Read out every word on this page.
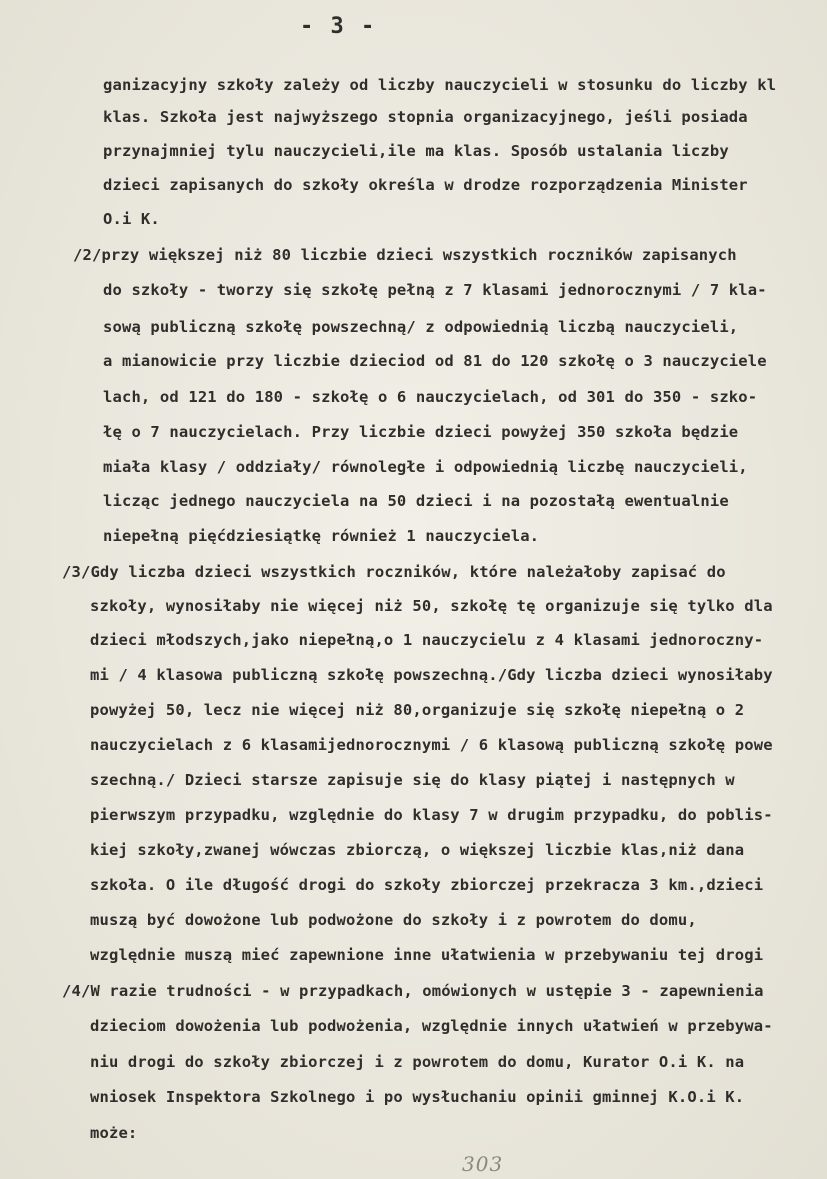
- 3 -
ganizacyjny szkoły zależy od liczby nauczycieli w stosunku do liczby kl
klas. Szkoła jest najwyższego stopnia organizacyjnego, jeśli posiada
przynajmniej tylu nauczycieli,ile ma klas. Sposób ustalania liczby
dzieci zapisanych do szkoły określa w drodze rozporządzenia Minister
O.i K.
/2/przy większej niż 80 liczbie dzieci wszystkich roczników zapisanych
do szkoły - tworzy się szkołę pełną z 7 klasami jednorocznymi / 7 kla-
sową publiczną szkołę powszechną/ z odpowiednią liczbą nauczycieli,
a mianowicie przy liczbie dzieciod od 81 do 120 szkołę o 3 nauczyciele
lach, od 121 do 180 - szkołę o 6 nauczycielach, od 301 do 350 - szko-
łę o 7 nauczycielach. Przy liczbie dzieci powyżej 350 szkoła będzie
miała klasy / oddziały/ równoległe i odpowiednią liczbę nauczycieli,
licząc jednego nauczyciela na 50 dzieci i na pozostałą ewentualnie
niepełną pięćdziesiątkę również 1 nauczyciela.
/3/Gdy liczba dzieci wszystkich roczników, które należałoby zapisać do
szkoły, wynosiłaby nie więcej niż 50, szkołę tę organizuje się tylko dla
dzieci młodszych,jako niepełną,o 1 nauczycielu z 4 klasami jednoroczny-
mi / 4 klasowa publiczną szkołę powszechną./Gdy liczba dzieci wynosiłaby
powyżej 50, lecz nie więcej niż 80,organizuje się szkołę niepełną o 2
nauczycielach z 6 klasamijednorocznymi / 6 klasową publiczną szkołę powe
szechną./ Dzieci starsze zapisuje się do klasy piątej i następnych w
pierwszym przypadku, względnie do klasy 7 w drugim przypadku, do poblis-
kiej szkoły,zwanej wówczas zbiorczą, o większej liczbie klas,niż dana
szkoła. O ile długość drogi do szkoły zbiorczej przekracza 3 km.,dzieci
muszą być dowożone lub podwożone do szkoły i z powrotem do domu,
względnie muszą mieć zapewnione inne ułatwienia w przebywaniu tej drogi
/4/W razie trudności - w przypadkach, omówionych w ustępie 3 - zapewnienia
dzieciom dowożenia lub podwożenia, względnie innych ułatwień w przebywa-
niu drogi do szkoły zbiorczej i z powrotem do domu, Kurator O.i K. na
wniosek Inspektora Szkolnego i po wysłuchaniu opinii gminnej K.O.i K.
może:
303
